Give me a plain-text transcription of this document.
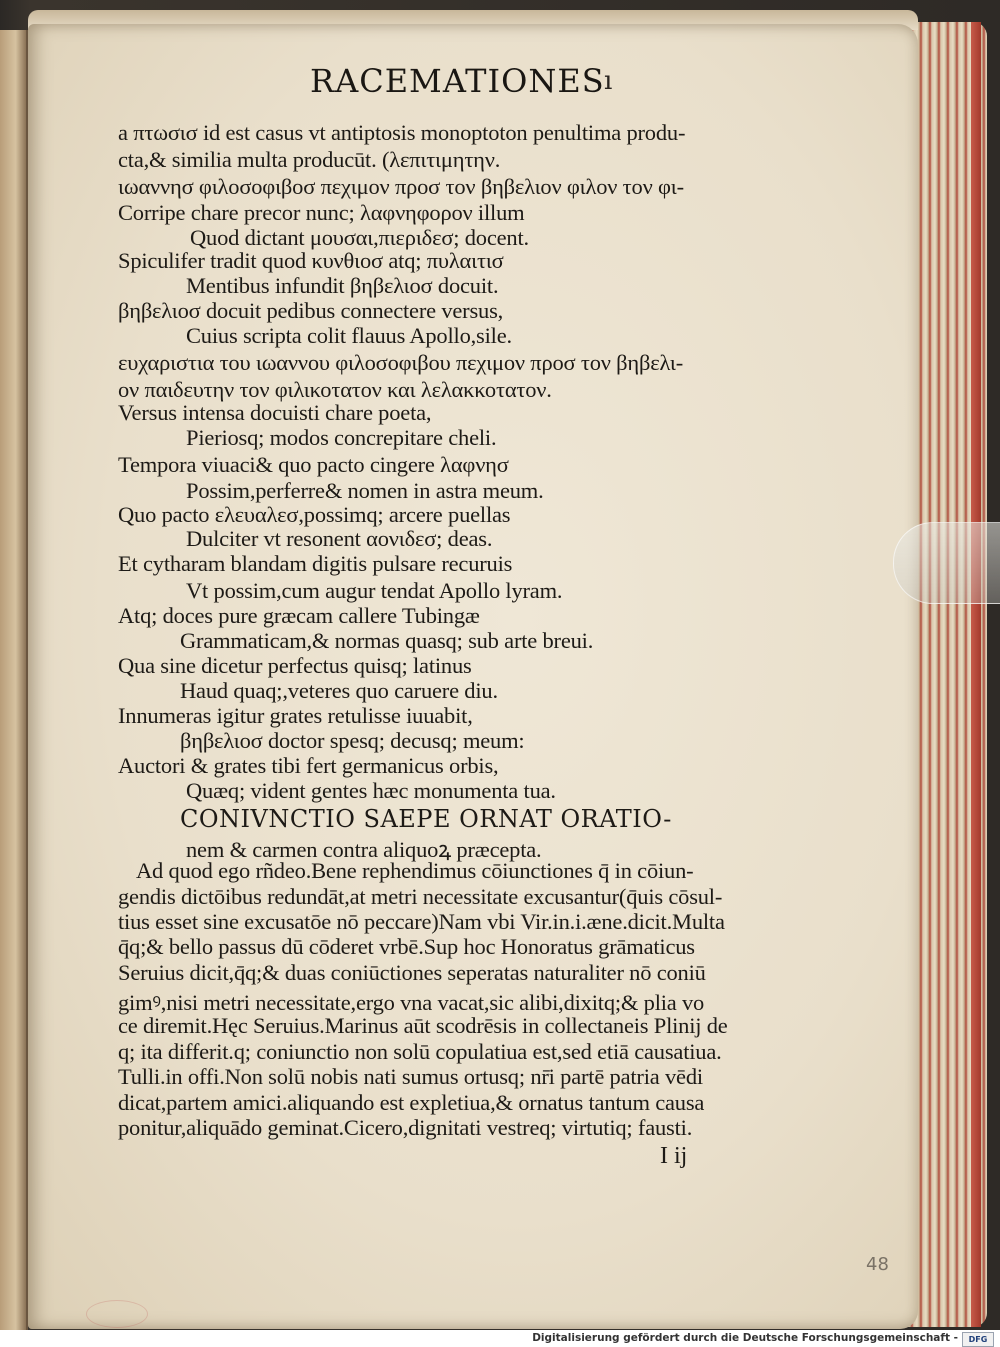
RACEMATIONES ı
a πτωσισ id est casus vt antiptosis monoptoton penultima produ-
cta,& similia multa producūt. (λεπιτιμητην.
ιωαννησ φιλοσοφιβοσ πεχιμον προσ τον βηβελιον φιλον τον φι-
Corripe chare precor nunc; λαφνηφορον illum
Quod dictant μουσαι,πιεριδεσ; docent.
Spiculifer tradit quod κυνθιοσ atq; πυλαιτισ
Mentibus infundit βηβελιοσ docuit.
βηβελιοσ docuit pedibus connectere versus,
Cuius scripta colit flauus Apollo,sile.
ευχαριστια του ιωαννου φιλοσοφιβου πεχιμον προσ τον βηβελι-
ον παιδευτην τον φιλικοτατον και λελακκοτατον.
Versus intensa docuisti chare poeta,
Pieriosq; modos concrepitare cheli.
Tempora viuaci& quo pacto cingere λαφνησ
Possim,perferre& nomen in astra meum.
Quo pacto ελευαλεσ,possimq; arcere puellas
Dulciter vt resonent αονιδεσ; deas.
Et cytharam blandam digitis pulsare recuruis
Vt possim,cum augur tendat Apollo lyram.
Atq; doces pure græcam callere Tubingæ
Grammaticam,& normas quasq; sub arte breui.
Qua sine dicetur perfectus quisq; latinus
Haud quaq;,veteres quo caruere diu.
Innumeras igitur grates retulisse iuuabit,
βηβελιοσ doctor spesq; decusq; meum:
Auctori & grates tibi fert germanicus orbis,
Quæq; vident gentes hæc monumenta tua.
CONIVNCTIO SAEPE ORNAT ORATIO-
nem & carmen contra aliquoꝝ præcepta.
Ad quod ego rñdeo.Bene rephendimus cōiunctiones q̄ in cōiun-
gendis dictōibus redundāt,at metri necessitate excusantur(q̄uis cōsul-
tius esset sine excusatōe nō peccare)Nam vbi Vir.in.i.æne.dicit.Multa
q̄q;& bello passus dū cōderet vrbē.Sup hoc Honoratus grāmaticus
Seruius dicit,q̄q;& duas coniūctiones seperatas naturaliter nō coniū
gimꝰ,nisi metri necessitate,ergo vna vacat,sic alibi,dixitq;& plia vo
ce diremit.Hęc Seruius.Marinus aūt scodrēsis in collectaneis Plinij de
q; ita differit.q; coniunctio non solū copulatiua est,sed etiā causatiua.
Tulli.in offi.Non solū nobis nati sumus ortusq; nr̄i partē patria vēdi
dicat,partem amici.aliquando est expletiua,& ornatus tantum causa
ponitur,aliquādo geminat.Cicero,dignitati vestreq; virtutiq; fausti.
I ij
48
Digitalisierung gefördert durch die Deutsche Forschungsgemeinschaft -	DFG
